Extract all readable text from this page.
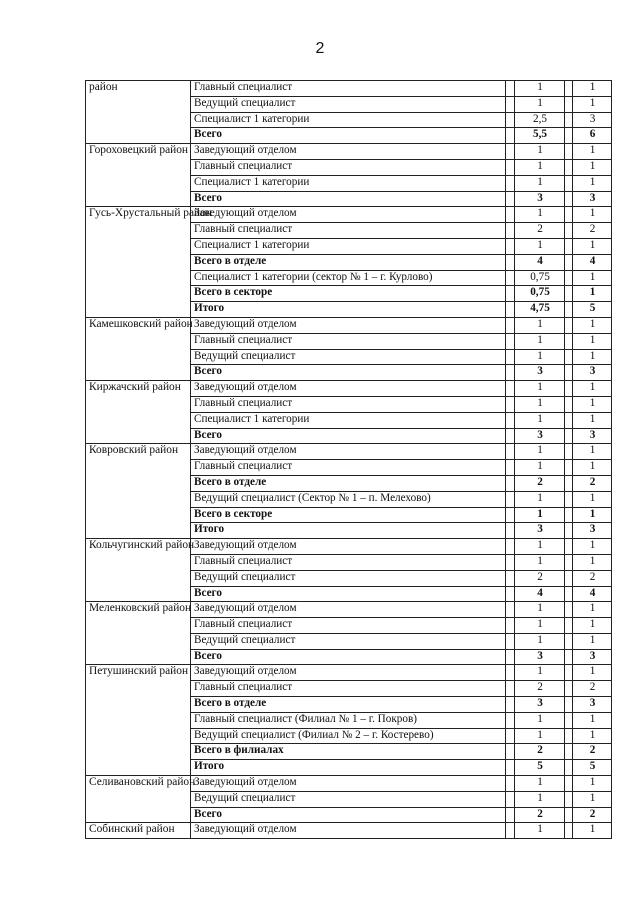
2
район	Главный специалист		1		1
	Ведущий специалист		1		1
	Специалист 1 категории		2,5		3
	Всего		5,5		6
Гороховецкий район	Заведующий отделом		1		1
	Главный специалист		1		1
	Специалист 1 категории		1		1
	Всего		3		3
Гусь-Хрустальный район	Заведующий отделом		1		1
	Главный специалист		2		2
	Специалист 1 категории		1		1
	Всего в отделе		4		4
	Специалист 1 категории (сектор № 1 – г. Курлово)		0,75		1
	Всего в секторе		0,75		1
	Итого		4,75		5
Камешковский район	Заведующий отделом		1		1
	Главный специалист		1		1
	Ведущий специалист		1		1
	Всего		3		3
Киржачский район	Заведующий отделом		1		1
	Главный специалист		1		1
	Специалист 1 категории		1		1
	Всего		3		3
Ковровский район	Заведующий отделом		1		1
	Главный специалист		1		1
	Всего в отделе		2		2
	Ведущий специалист (Сектор № 1 – п. Мелехово)		1		1
	Всего в секторе		1		1
	Итого		3		3
Кольчугинский район	Заведующий отделом		1		1
	Главный специалист		1		1
	Ведущий специалист		2		2
	Всего		4		4
Меленковский район	Заведующий отделом		1		1
	Главный специалист		1		1
	Ведущий специалист		1		1
	Всего		3		3
Петушинский район	Заведующий отделом		1		1
	Главный специалист		2		2
	Всего в отделе		3		3
	Главный специалист (Филиал № 1 – г. Покров)		1		1
	Ведущий специалист (Филиал № 2 – г. Костерево)		1		1
	Всего в филиалах		2		2
	Итого		5		5
Селивановский район	Заведующий отделом		1		1
	Ведущий специалист		1		1
	Всего		2		2
Собинский район	Заведующий отделом		1		1
